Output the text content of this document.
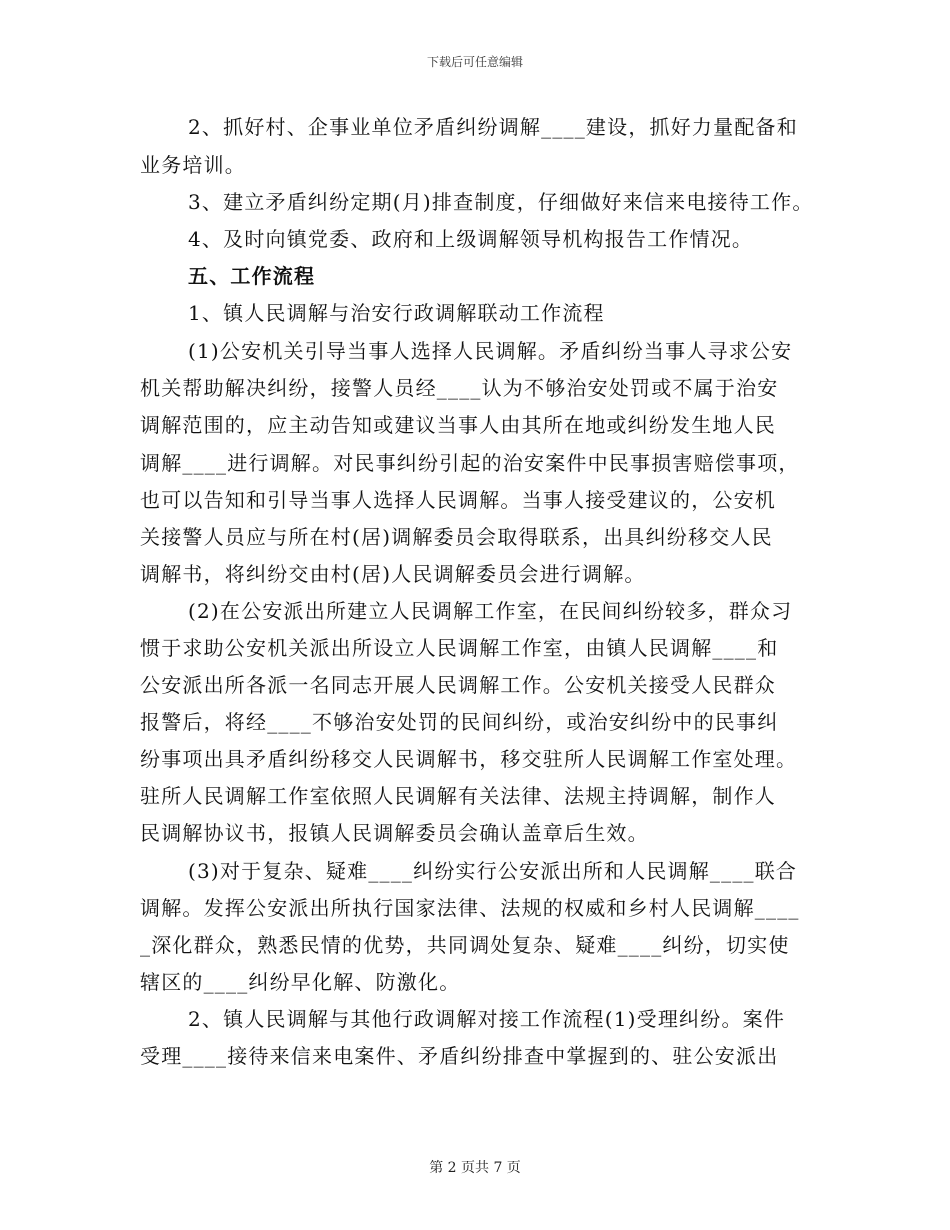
下载后可任意编辑
2、抓好村、企事业单位矛盾纠纷调解____建设，抓好力量配备和
业务培训。
3、建立矛盾纠纷定期(月)排查制度，仔细做好来信来电接待工作。
4、及时向镇党委、政府和上级调解领导机构报告工作情况。
五、工作流程
1、镇人民调解与治安行政调解联动工作流程
(1)公安机关引导当事人选择人民调解。矛盾纠纷当事人寻求公安
机关帮助解决纠纷，接警人员经____认为不够治安处罚或不属于治安
调解范围的，应主动告知或建议当事人由其所在地或纠纷发生地人民
调解____进行调解。对民事纠纷引起的治安案件中民事损害赔偿事项，
也可以告知和引导当事人选择人民调解。当事人接受建议的，公安机
关接警人员应与所在村(居)调解委员会取得联系，出具纠纷移交人民
调解书，将纠纷交由村(居)人民调解委员会进行调解。
(2)在公安派出所建立人民调解工作室，在民间纠纷较多，群众习
惯于求助公安机关派出所设立人民调解工作室，由镇人民调解____和
公安派出所各派一名同志开展人民调解工作。公安机关接受人民群众
报警后，将经____不够治安处罚的民间纠纷，或治安纠纷中的民事纠
纷事项出具矛盾纠纷移交人民调解书，移交驻所人民调解工作室处理。
驻所人民调解工作室依照人民调解有关法律、法规主持调解，制作人
民调解协议书，报镇人民调解委员会确认盖章后生效。
(3)对于复杂、疑难____纠纷实行公安派出所和人民调解____联合
调解。发挥公安派出所执行国家法律、法规的权威和乡村人民调解____
_深化群众，熟悉民情的优势，共同调处复杂、疑难____纠纷，切实使
辖区的____纠纷早化解、防激化。
2、镇人民调解与其他行政调解对接工作流程(1)受理纠纷。案件
受理____接待来信来电案件、矛盾纠纷排查中掌握到的、驻公安派出
第 2 页共 7 页
